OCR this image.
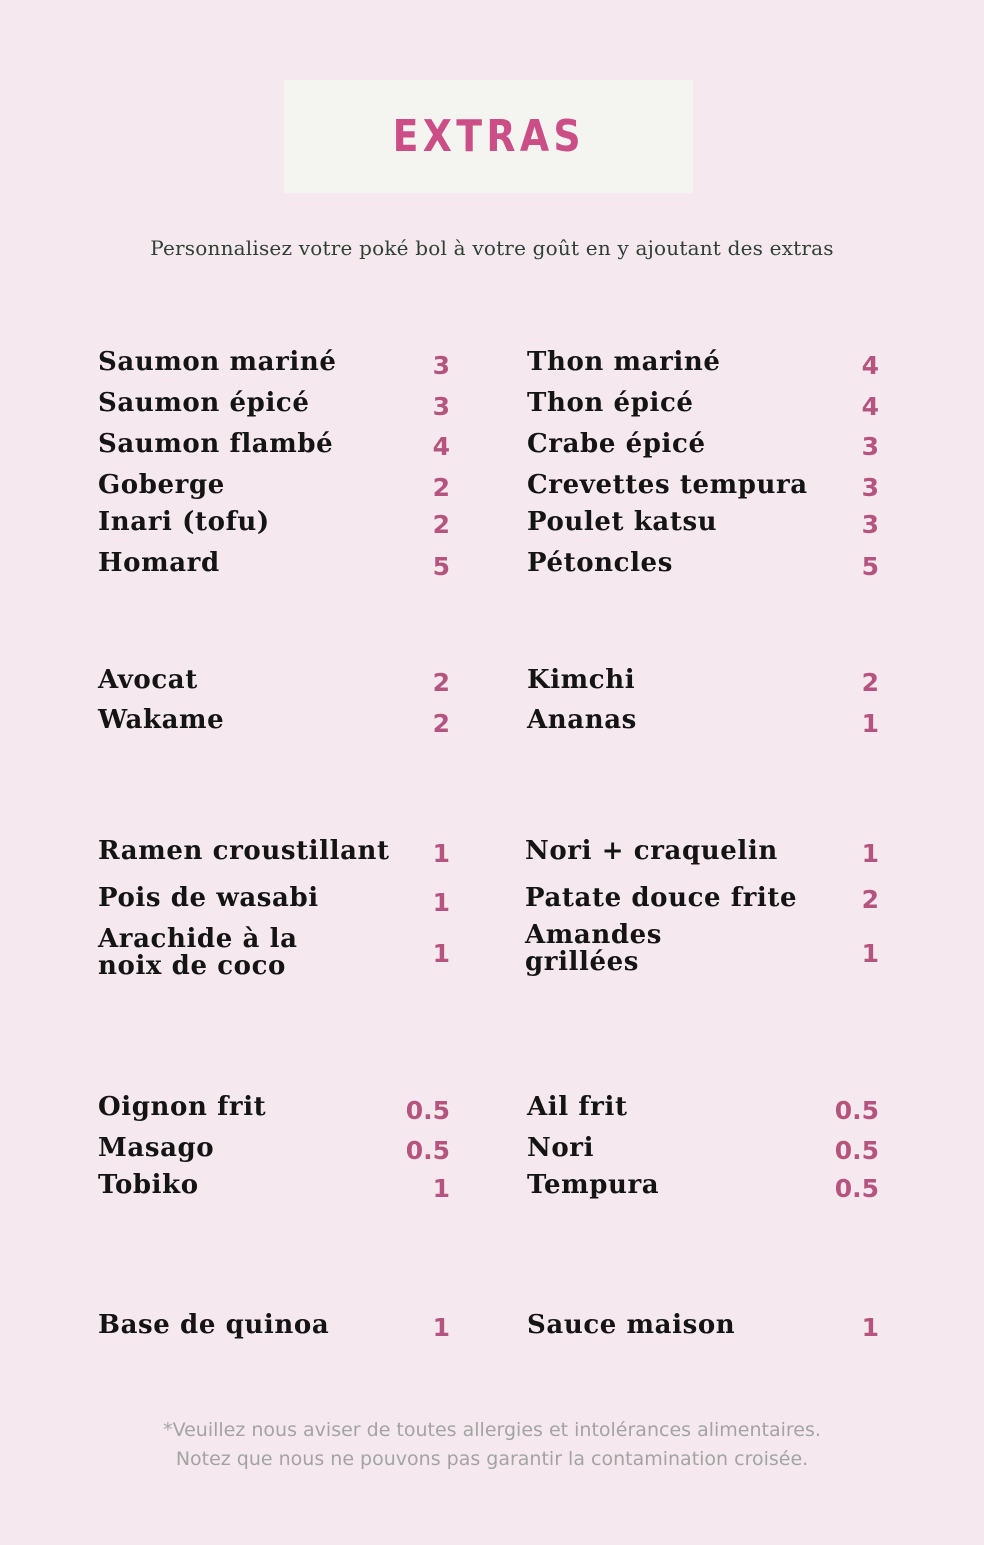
EXTRAS
Personnalisez votre poké bol à votre goût en y ajoutant des extras
Saumon mariné	3
Saumon épicé	3
Saumon flambé	4
Goberge	2
Inari (tofu)	2
Homard	5
Thon mariné	4
Thon épicé	4
Crabe épicé	3
Crevettes tempura	3
Poulet katsu	3
Pétoncles	5
Avocat	2
Wakame	2
Kimchi	2
Ananas	1
Ramen croustillant	1
Pois de wasabi	1
Arachide à la
noix de coco	1
Nori + craquelin	1
Patate douce frite	2
Amandes
grillées	1
Oignon frit	0.5
Masago	0.5
Tobiko	1
Ail frit	0.5
Nori	0.5
Tempura	0.5
Base de quinoa	1	Sauce maison	1
*Veuillez nous aviser de toutes allergies et intolérances alimentaires.
Notez que nous ne pouvons pas garantir la contamination croisée.
